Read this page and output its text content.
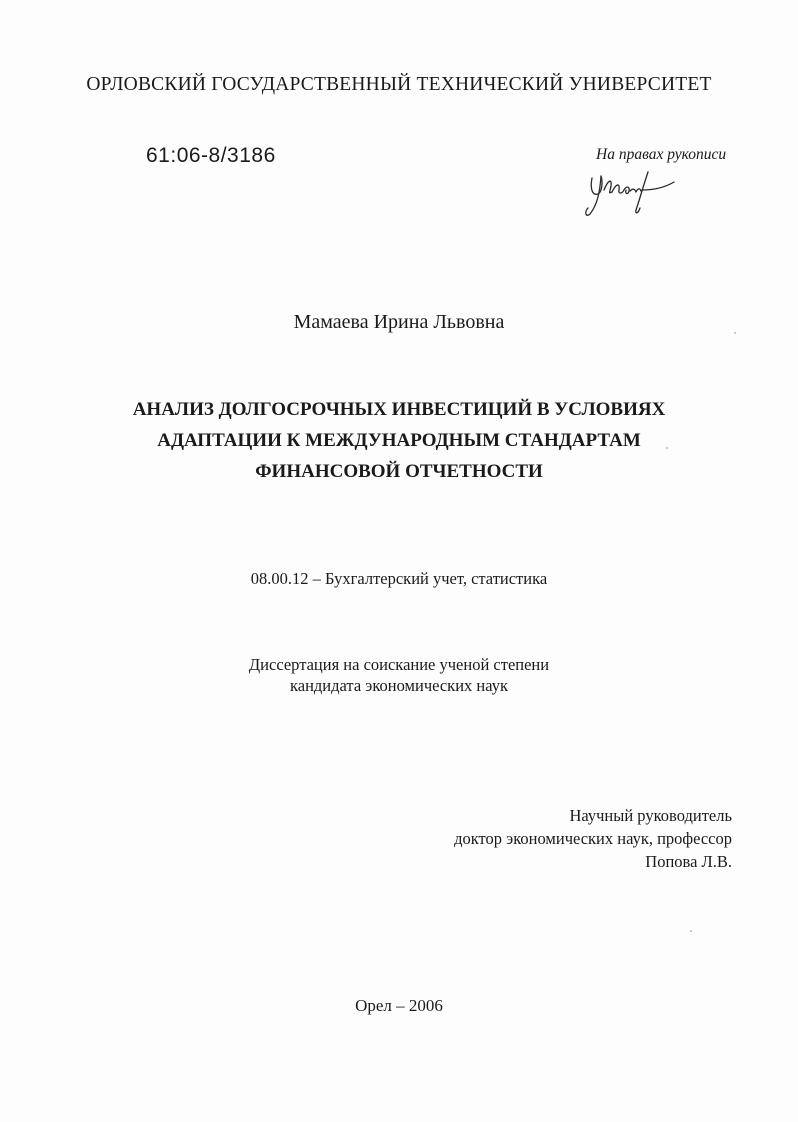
ОРЛОВСКИЙ ГОСУДАРСТВЕННЫЙ ТЕХНИЧЕСКИЙ УНИВЕРСИТЕТ
61:06-8/3186	На правах рукописи
Мамаева Ирина Львовна
АНАЛИЗ ДОЛГОСРОЧНЫХ ИНВЕСТИЦИЙ В УСЛОВИЯХ
АДАПТАЦИИ К МЕЖДУНАРОДНЫМ СТАНДАРТАМ
ФИНАНСОВОЙ ОТЧЕТНОСТИ
08.00.12 – Бухгалтерский учет, статистика
Диссертация на соискание ученой степени
кандидата экономических наук
Научный руководитель
доктор экономических наук, профессор
Попова Л.В.
Орел – 2006
